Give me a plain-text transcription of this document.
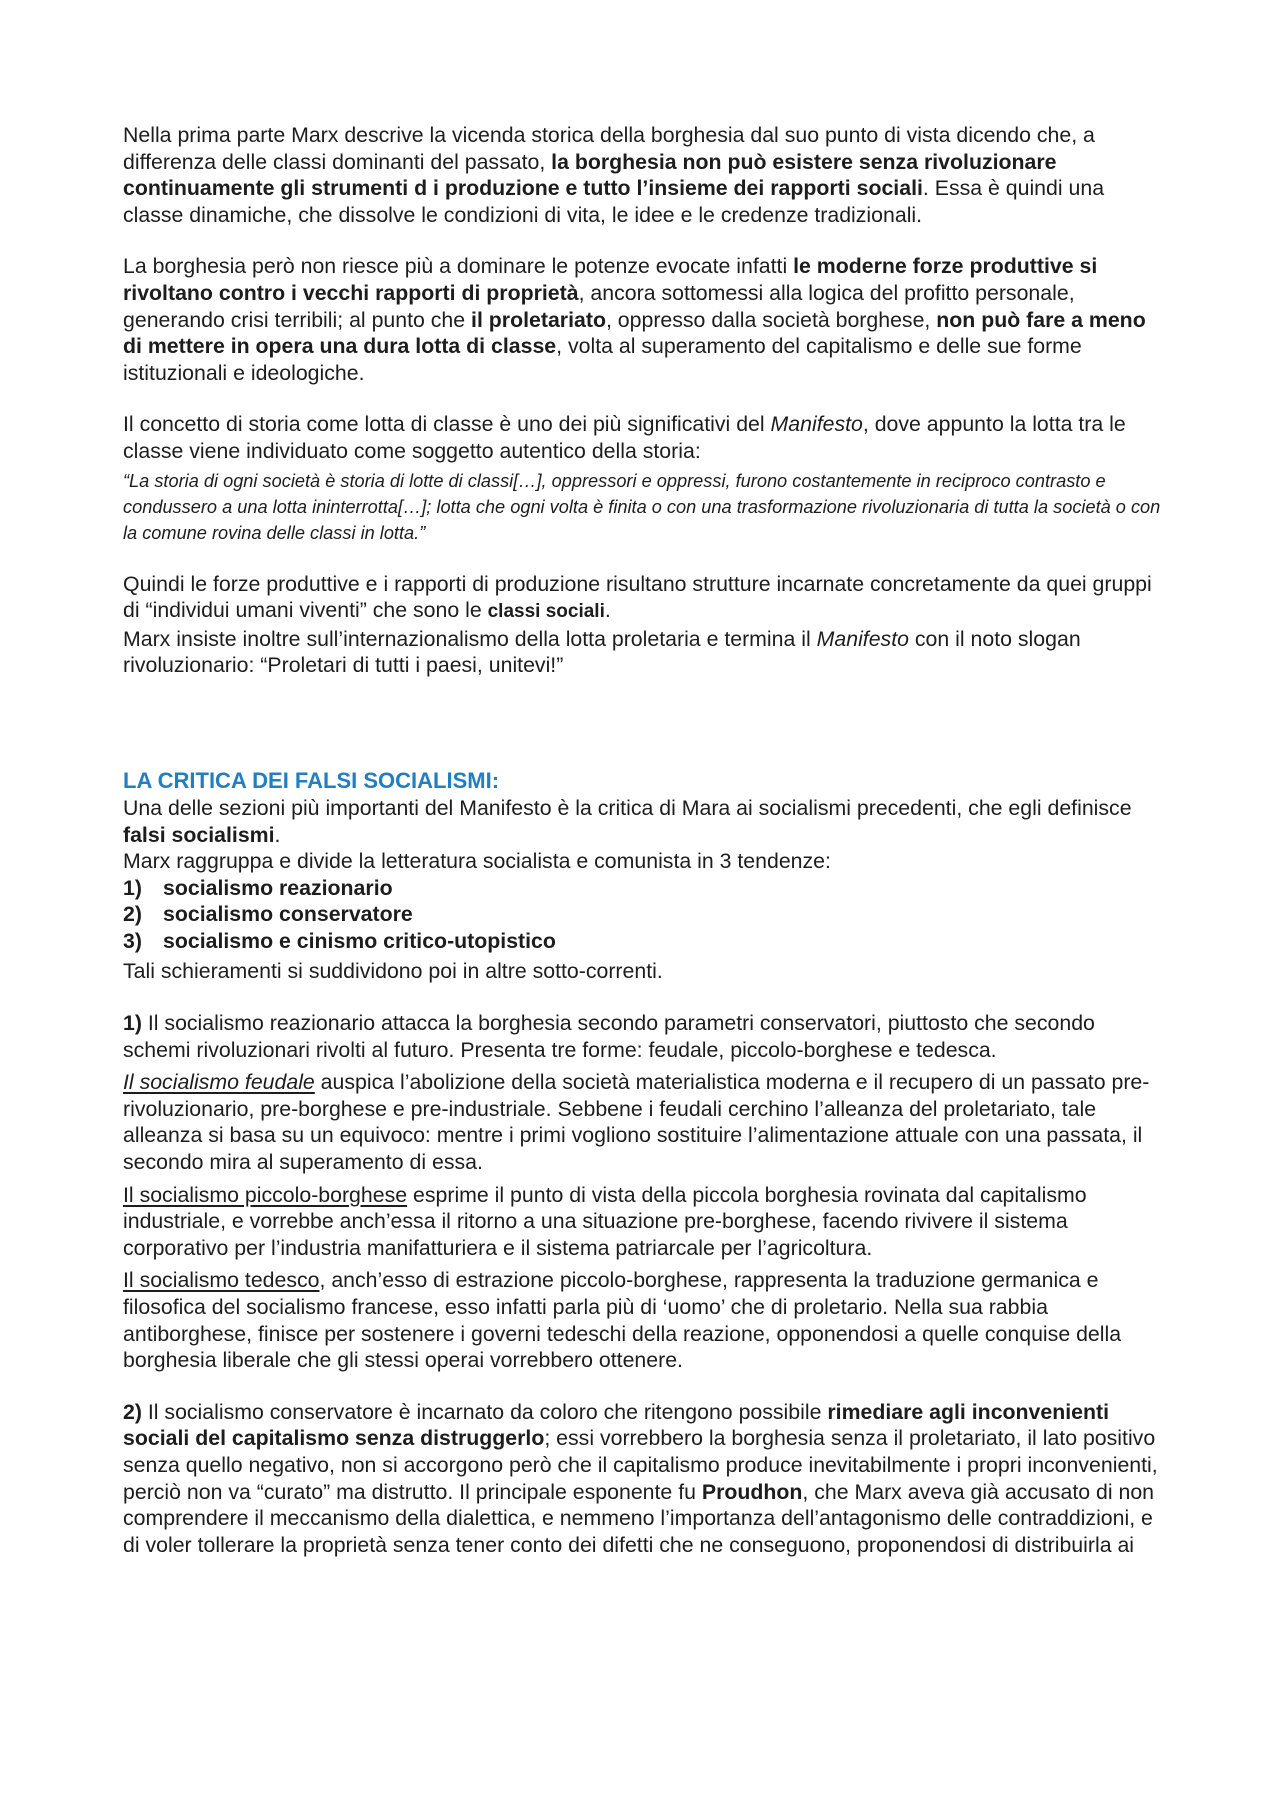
Nella prima parte Marx descrive la vicenda storica della borghesia dal suo punto di vista dicendo che, a differenza delle classi dominanti del passato, la borghesia non può esistere senza rivoluzionare continuamente gli strumenti d i produzione e tutto l’insieme dei rapporti sociali. Essa è quindi una classe dinamiche, che dissolve le condizioni di vita, le idee e le credenze tradizionali.

La borghesia però non riesce più a dominare le potenze evocate infatti le moderne forze produttive si rivoltano contro i vecchi rapporti di proprietà, ancora sottomessi alla logica del profitto personale, generando crisi terribili; al punto che il proletariato, oppresso dalla società borghese, non può fare a meno di mettere in opera una dura lotta di classe, volta al superamento del capitalismo e delle sue forme istituzionali e ideologiche.

Il concetto di storia come lotta di classe è uno dei più significativi del Manifesto, dove appunto la lotta tra le classe viene individuato come soggetto autentico della storia:

“La storia di ogni società è storia di lotte di classi[…], oppressori e oppressi, furono costantemente in reciproco contrasto e condussero a una lotta ininterrotta[…]; lotta che ogni volta è finita o con una trasformazione rivoluzionaria di tutta la società o con la comune rovina delle classi in lotta.”

Quindi le forze produttive e i rapporti di produzione risultano strutture incarnate concretamente da quei gruppi di “individui umani viventi” che sono le classi sociali.

Marx insiste inoltre sull’internazionalismo della lotta proletaria e termina il Manifesto con il noto slogan rivoluzionario: “Proletari di tutti i paesi, unitevi!”

LA CRITICA DEI FALSI SOCIALISMI:

Una delle sezioni più importanti del Manifesto è la critica di Mara ai socialismi precedenti, che egli definisce falsi socialismi.

Marx raggruppa e divide la letteratura socialista e comunista in 3 tendenze:

1) socialismo reazionario
2) socialismo conservatore
3) socialismo e cinismo critico-utopistico

Tali schieramenti si suddividono poi in altre sotto-correnti.

1) Il socialismo reazionario attacca la borghesia secondo parametri conservatori, piuttosto che secondo schemi rivoluzionari rivolti al futuro. Presenta tre forme: feudale, piccolo-borghese e tedesca.

Il socialismo feudale auspica l’abolizione della società materialistica moderna e il recupero di un passato pre-rivoluzionario, pre-borghese e pre-industriale. Sebbene i feudali cerchino l’alleanza del proletariato, tale alleanza si basa su un equivoco: mentre i primi vogliono sostituire l’alimentazione attuale con una passata, il secondo mira al superamento di essa.

Il socialismo piccolo-borghese esprime il punto di vista della piccola borghesia rovinata dal capitalismo industriale, e vorrebbe anch’essa il ritorno a una situazione pre-borghese, facendo rivivere il sistema corporativo per l’industria manifatturiera e il sistema patriarcale per l’agricoltura.

Il socialismo tedesco, anch’esso di estrazione piccolo-borghese, rappresenta la traduzione germanica e filosofica del socialismo francese, esso infatti parla più di ‘uomo’ che di proletario. Nella sua rabbia antiborghese, finisce per sostenere i governi tedeschi della reazione, opponendosi a quelle conquise della borghesia liberale che gli stessi operai vorrebbero ottenere.

2) Il socialismo conservatore è incarnato da coloro che ritengono possibile rimediare agli inconvenienti sociali del capitalismo senza distruggerlo; essi vorrebbero la borghesia senza il proletariato, il lato positivo senza quello negativo, non si accorgono però che il capitalismo produce inevitabilmente i propri inconvenienti, perciò non va “curato” ma distrutto. Il principale esponente fu Proudhon, che Marx aveva già accusato di non comprendere il meccanismo della dialettica, e nemmeno l’importanza dell’antagonismo delle contraddizioni, e di voler tollerare la proprietà senza tener conto dei difetti che ne conseguono, proponendosi di distribuirla ai
